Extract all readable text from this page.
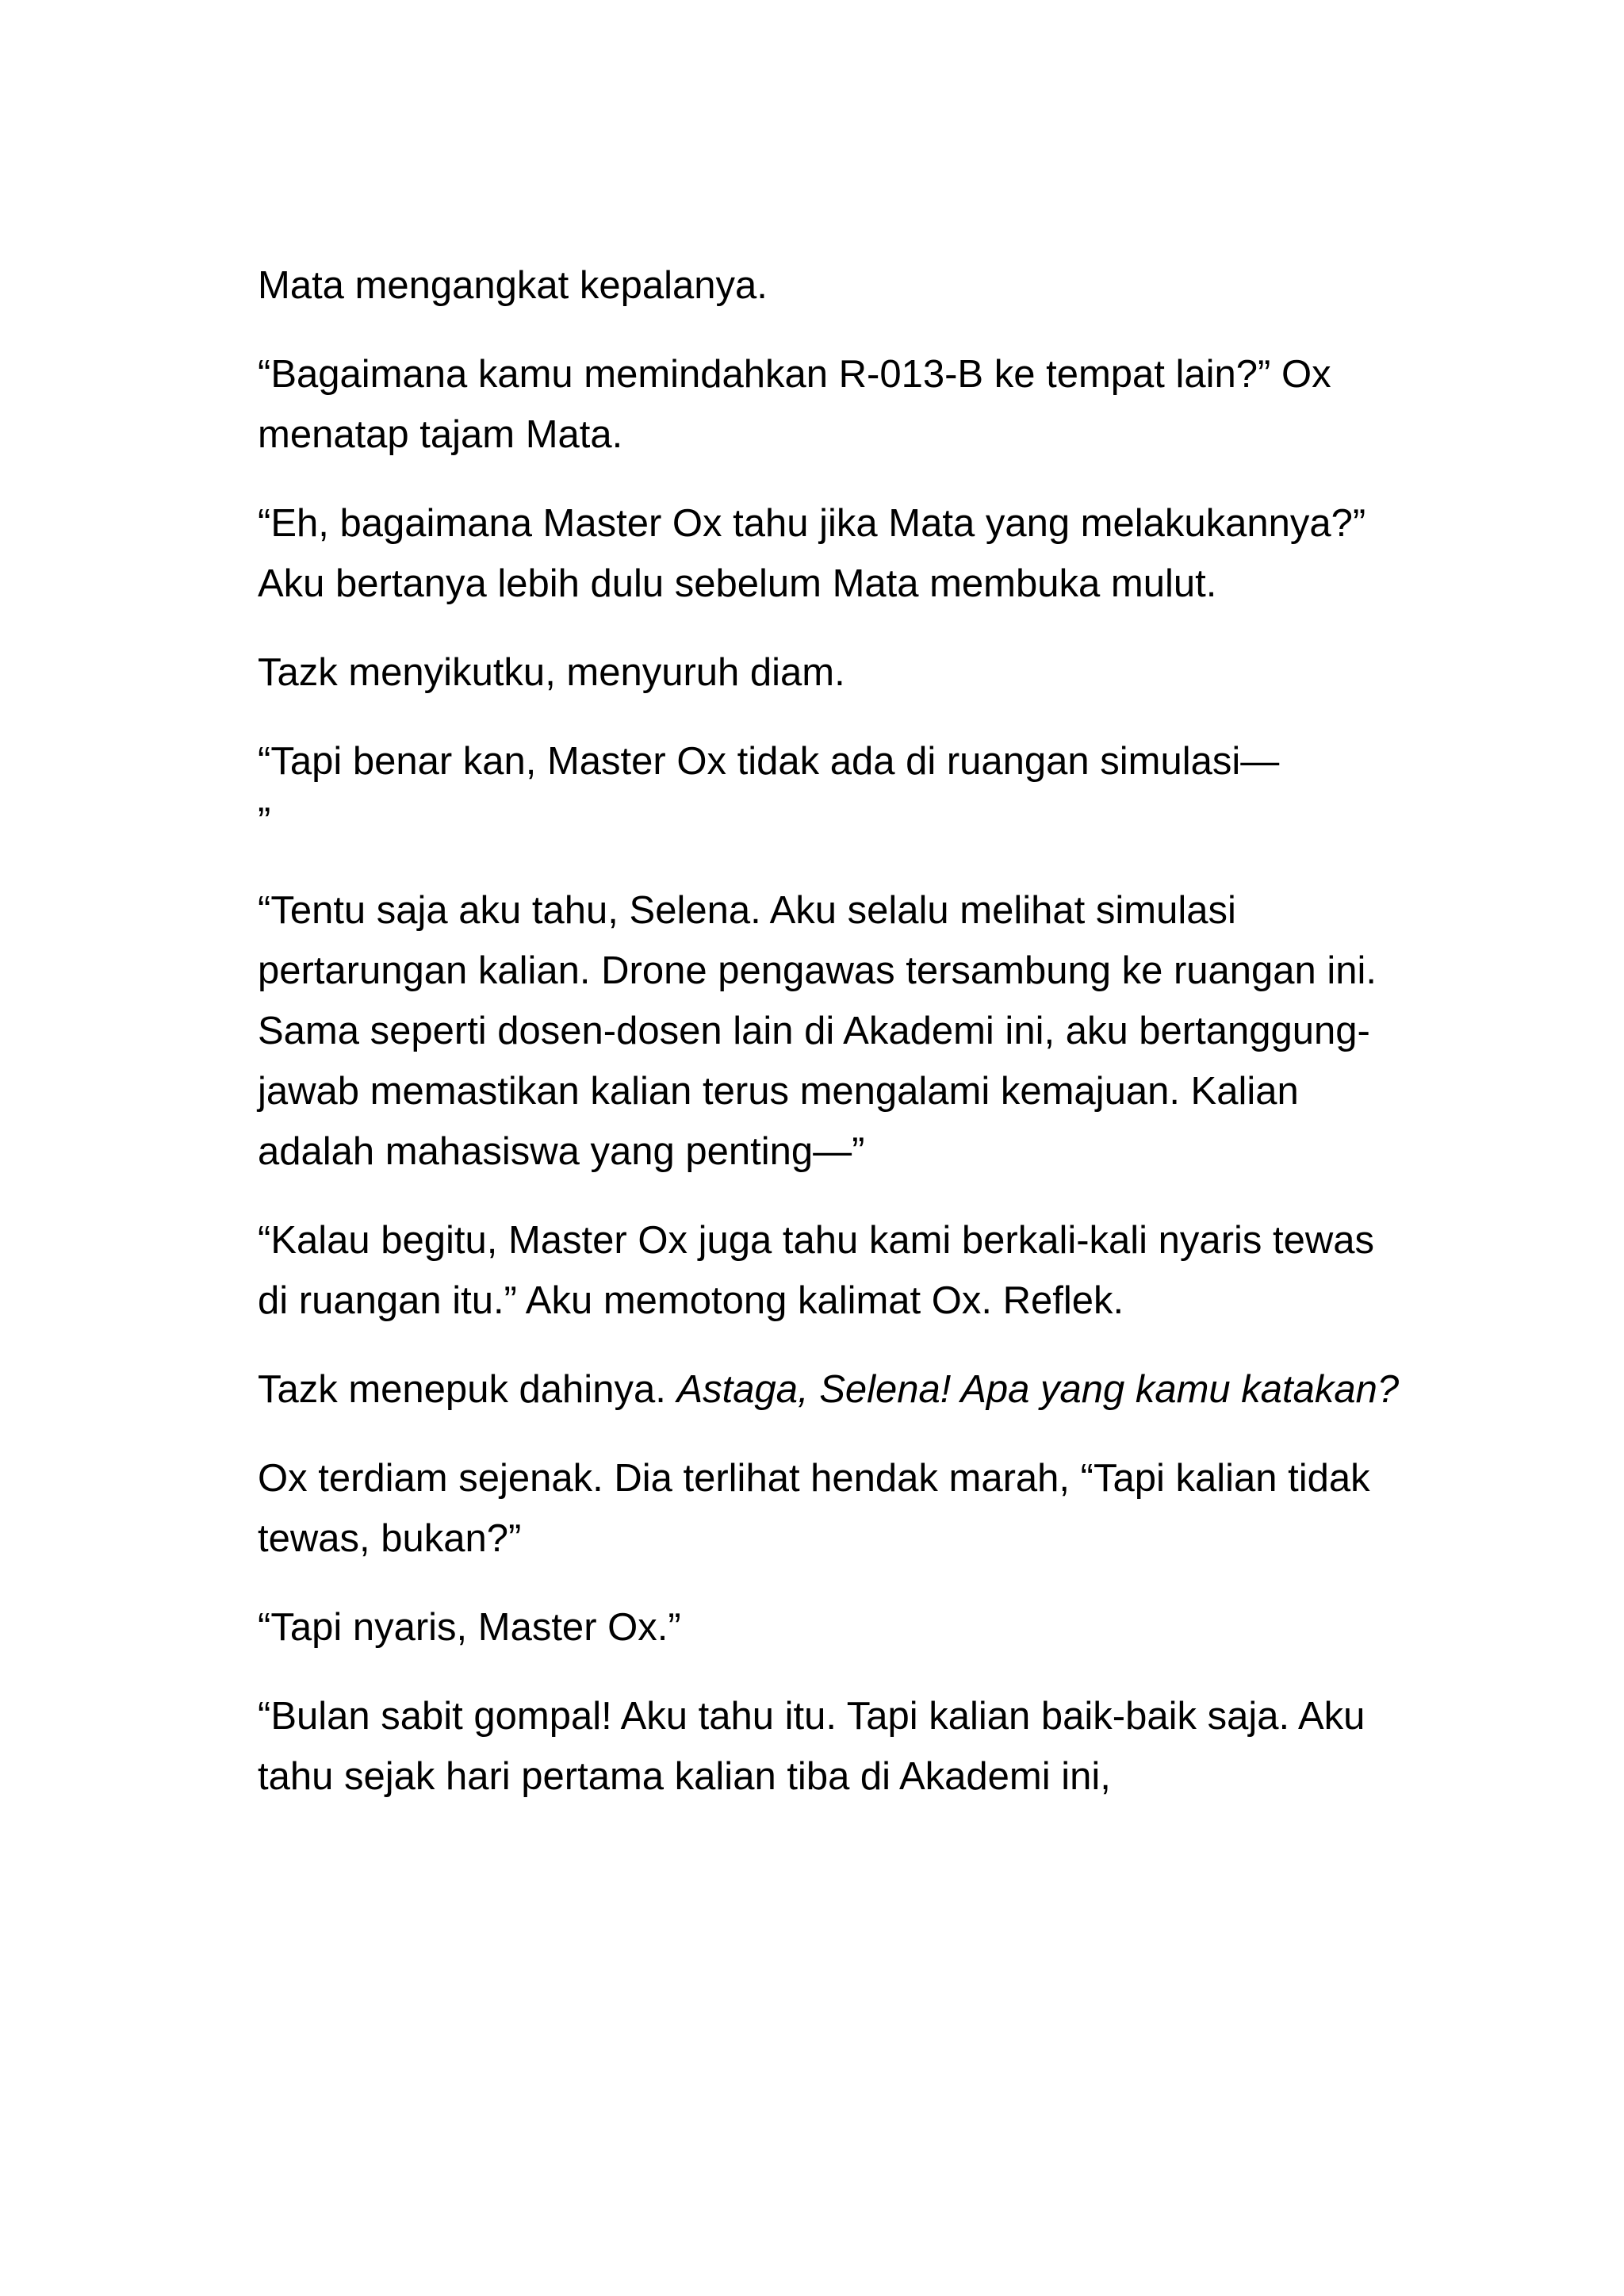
Mata mengangkat kepalanya.

“Bagaimana kamu memindahkan R-013-B ke tempat lain?” Ox menatap tajam Mata.

“Eh, bagaimana Master Ox tahu jika Mata yang melakukannya?” Aku bertanya lebih dulu sebelum Mata membuka mulut.

Tazk menyikutku, menyuruh diam.

“Tapi benar kan, Master Ox tidak ada di ruangan simulasi—
”

“Tentu saja aku tahu, Selena. Aku selalu melihat simulasi pertarungan kalian. Drone pengawas tersambung ke ruangan ini. Sama seperti dosen-dosen lain di Akademi ini, aku bertanggung-jawab memastikan kalian terus mengalami kemajuan. Kalian adalah mahasiswa yang penting—”

“Kalau begitu, Master Ox juga tahu kami berkali-kali nyaris tewas di ruangan itu.” Aku memotong kalimat Ox. Reflek.

Tazk menepuk dahinya. Astaga, Selena! Apa yang kamu katakan?

Ox terdiam sejenak. Dia terlihat hendak marah, “Tapi kalian tidak tewas, bukan?”

“Tapi nyaris, Master Ox.”

“Bulan sabit gompal! Aku tahu itu. Tapi kalian baik-baik saja. Aku tahu sejak hari pertama kalian tiba di Akademi ini,
